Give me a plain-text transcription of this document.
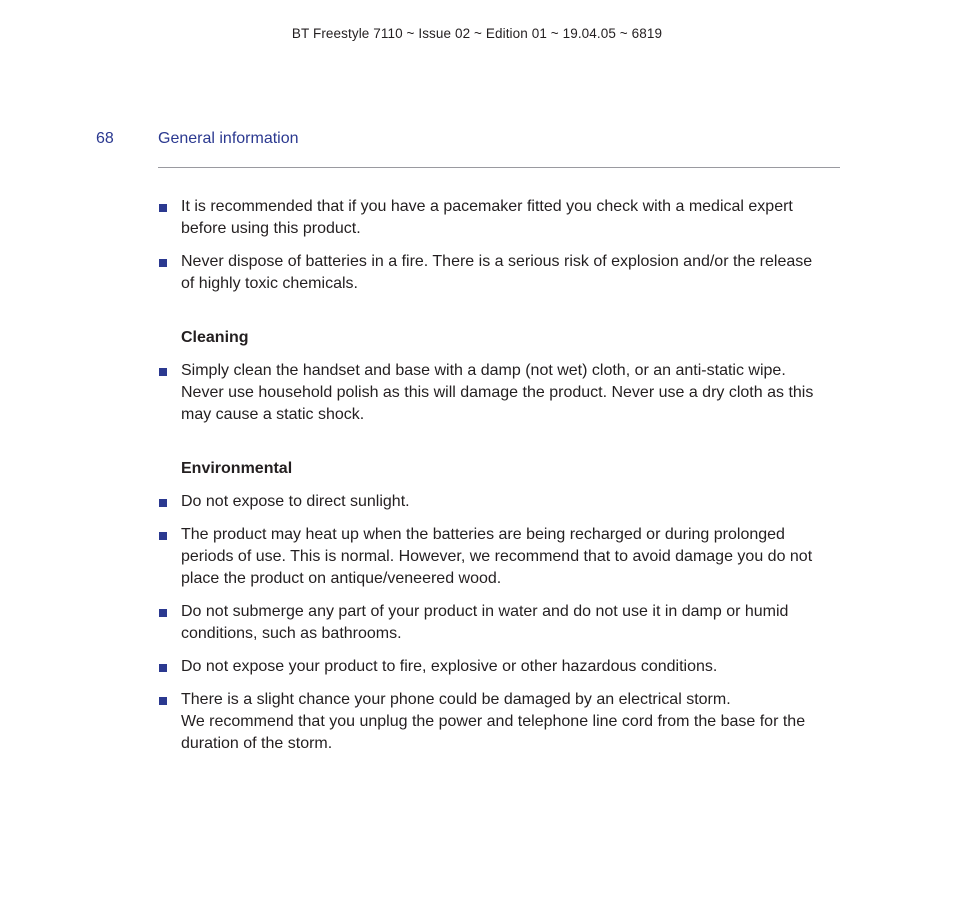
BT Freestyle 7110 ~ Issue 02 ~ Edition 01 ~ 19.04.05 ~ 6819
68	General information
It is recommended that if you have a pacemaker fitted you check with a medical expert
before using this product.
Never dispose of batteries in a fire. There is a serious risk of explosion and/or the release
of highly toxic chemicals.
Cleaning
Simply clean the handset and base with a damp (not wet) cloth, or an anti-static wipe.
Never use household polish as this will damage the product. Never use a dry cloth as this
may cause a static shock.
Environmental
Do not expose to direct sunlight.
The product may heat up when the batteries are being recharged or during prolonged
periods of use. This is normal. However, we recommend that to avoid damage you do not
place the product on antique/veneered wood.
Do not submerge any part of your product in water and do not use it in damp or humid
conditions, such as bathrooms.
Do not expose your product to fire, explosive or other hazardous conditions.
There is a slight chance your phone could be damaged by an electrical storm.
We recommend that you unplug the power and telephone line cord from the base for the
duration of the storm.
